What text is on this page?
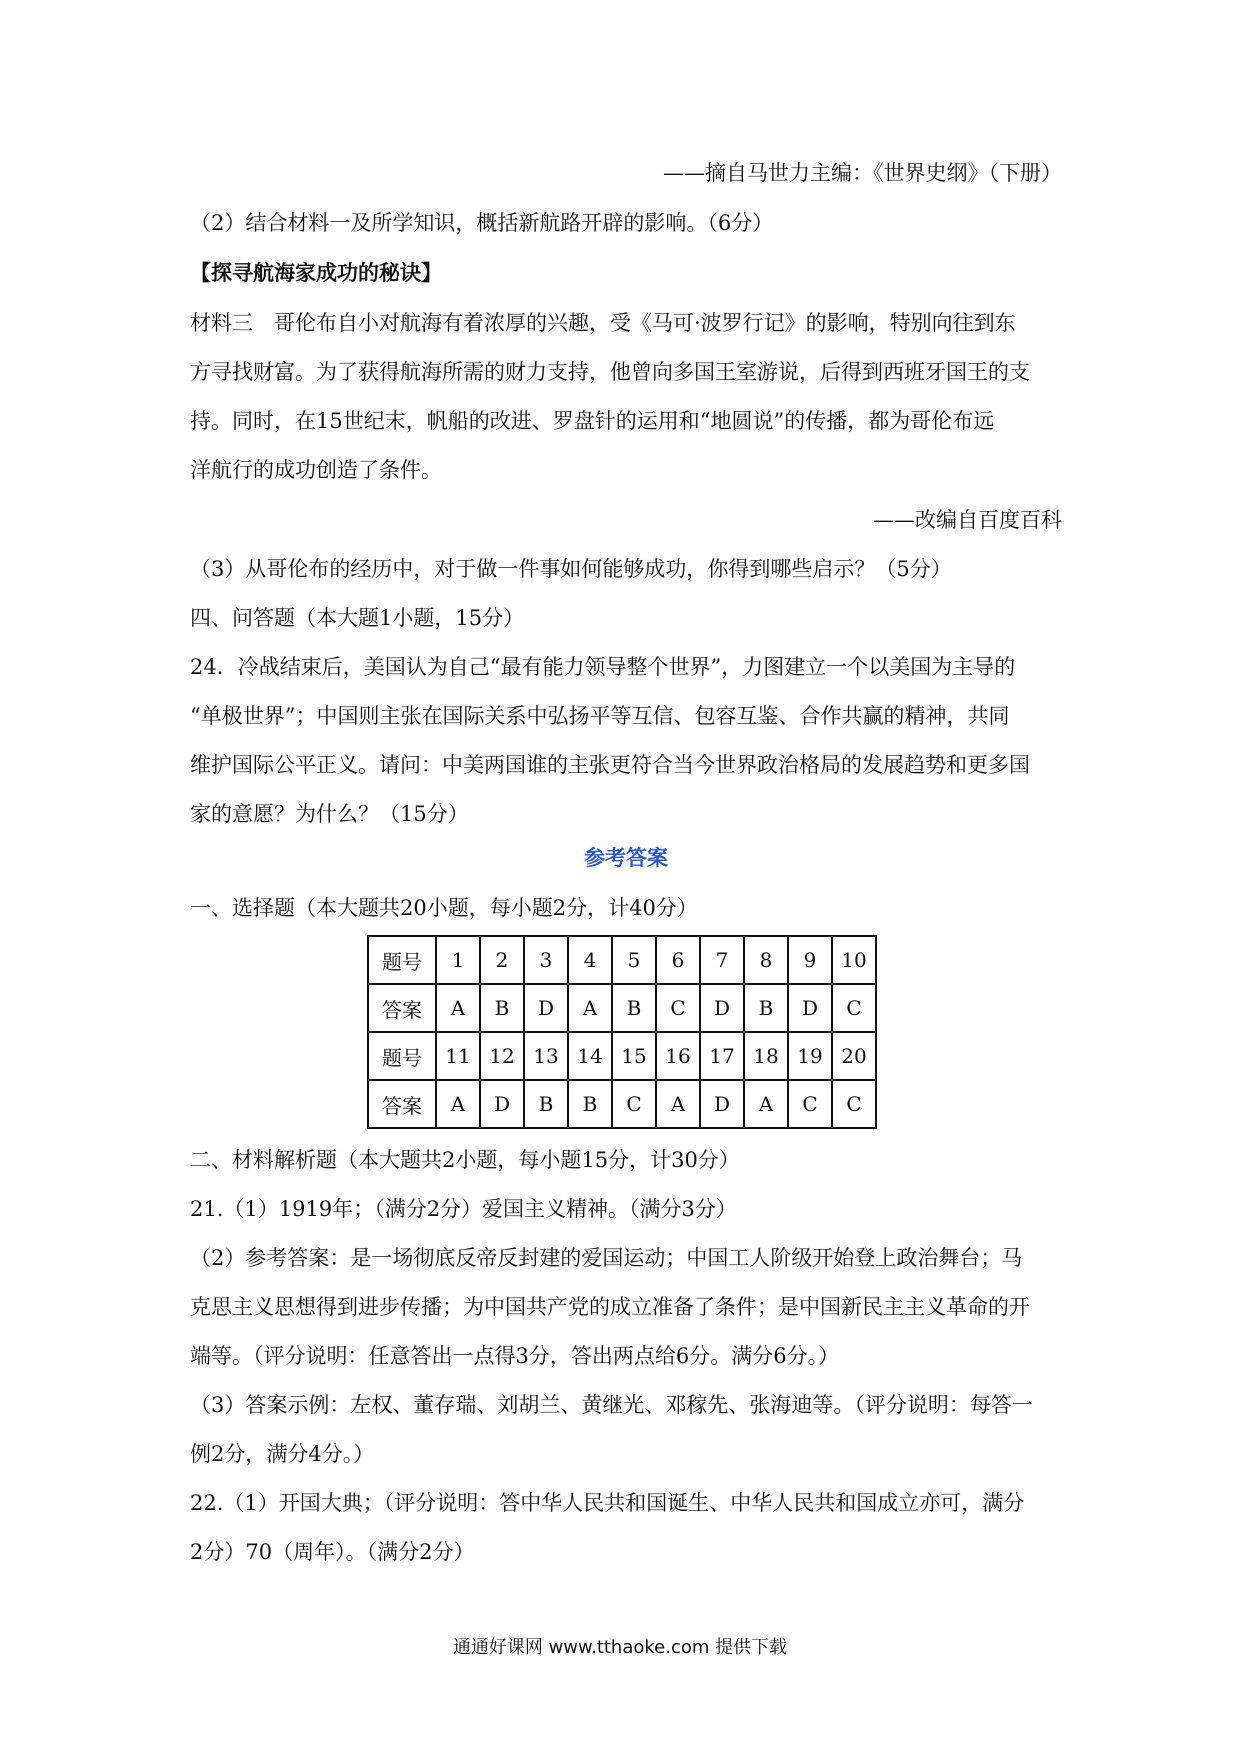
——摘自马世力主编：《世界史纲》（下册）
（2）结合材料一及所学知识，概括新航路开辟的影响。（6分）
【探寻航海家成功的秘诀】
材料三　哥伦布自小对航海有着浓厚的兴趣，受《马可·波罗行记》的影响，特别向往到东
方寻找财富。为了获得航海所需的财力支持，他曾向多国王室游说，后得到西班牙国王的支
持。同时，在15世纪末，帆船的改进、罗盘针的运用和“地圆说”的传播，都为哥伦布远
洋航行的成功创造了条件。
——改编自百度百科
（3）从哥伦布的经历中，对于做一件事如何能够成功，你得到哪些启示？（5分）
四、问答题（本大题1小题，15分）
24．冷战结束后，美国认为自己“最有能力领导整个世界”，力图建立一个以美国为主导的
“单极世界”；中国则主张在国际关系中弘扬平等互信、包容互鉴、合作共赢的精神，共同
维护国际公平正义。请问：中美两国谁的主张更符合当今世界政治格局的发展趋势和更多国
家的意愿？为什么？（15分）
参考答案
一、选择题（本大题共20小题，每小题2分，计40分）
题号	1	2	3	4	5	6	7	8	9	10
答案	A	B	D	A	B	C	D	B	D	C
题号	11	12	13	14	15	16	17	18	19	20
答案	A	D	B	B	C	A	D	A	C	C
二、材料解析题（本大题共2小题，每小题15分，计30分）
21.（1）1919年；（满分2分）爱国主义精神。（满分3分）
（2）参考答案：是一场彻底反帝反封建的爱国运动；中国工人阶级开始登上政治舞台；马
克思主义思想得到进步传播；为中国共产党的成立准备了条件；是中国新民主主义革命的开
端等。（评分说明：任意答出一点得3分，答出两点给6分。满分6分。）
（3）答案示例：左权、董存瑞、刘胡兰、黄继光、邓稼先、张海迪等。（评分说明：每答一
例2分，满分4分。）
22.（1）开国大典；（评分说明：答中华人民共和国诞生、中华人民共和国成立亦可，满分
2分）70（周年）。（满分2分）
通通好课网 www.tthaoke.com 提供下载
